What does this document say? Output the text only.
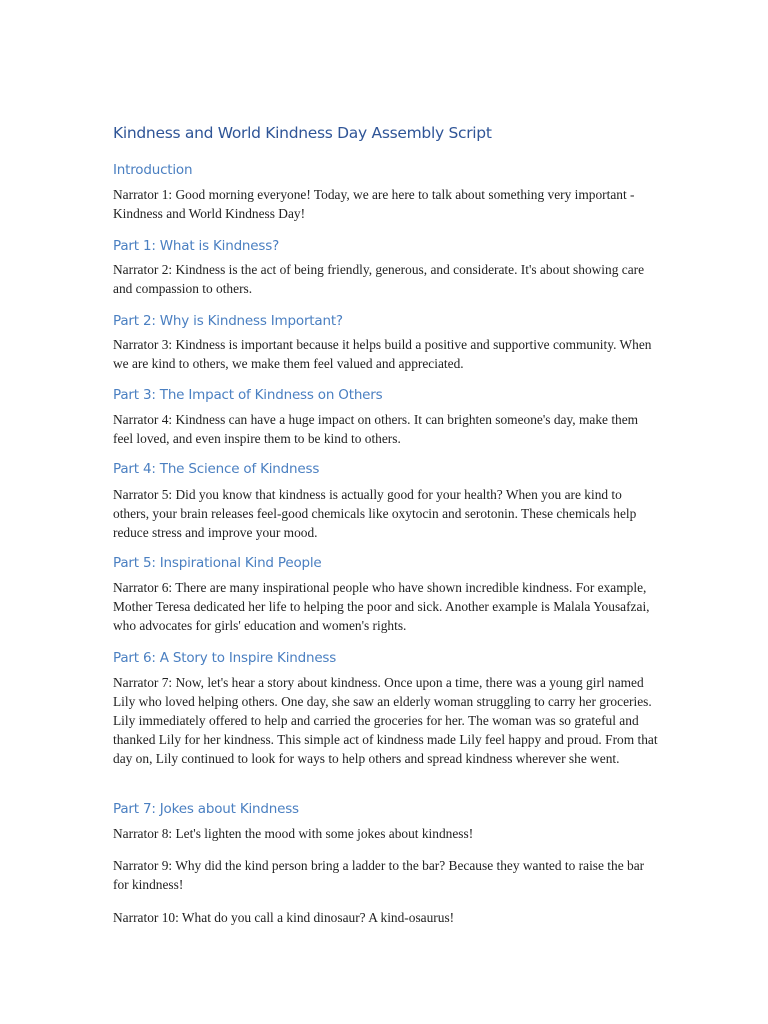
Kindness and World Kindness Day Assembly Script
Introduction

Narrator 1: Good morning everyone! Today, we are here to talk about something very important - Kindness and World Kindness Day!

Part 1: What is Kindness?

Narrator 2: Kindness is the act of being friendly, generous, and considerate. It's about showing care and compassion to others.

Part 2: Why is Kindness Important?

Narrator 3: Kindness is important because it helps build a positive and supportive community. When we are kind to others, we make them feel valued and appreciated.

Part 3: The Impact of Kindness on Others

Narrator 4: Kindness can have a huge impact on others. It can brighten someone's day, make them feel loved, and even inspire them to be kind to others.

Part 4: The Science of Kindness

Narrator 5: Did you know that kindness is actually good for your health? When you are kind to others, your brain releases feel-good chemicals like oxytocin and serotonin. These chemicals help reduce stress and improve your mood.

Part 5: Inspirational Kind People

Narrator 6: There are many inspirational people who have shown incredible kindness. For example, Mother Teresa dedicated her life to helping the poor and sick. Another example is Malala Yousafzai, who advocates for girls' education and women's rights.

Part 6: A Story to Inspire Kindness

Narrator 7: Now, let's hear a story about kindness. Once upon a time, there was a young girl named Lily who loved helping others. One day, she saw an elderly woman struggling to carry her groceries. Lily immediately offered to help and carried the groceries for her. The woman was so grateful and thanked Lily for her kindness. This simple act of kindness made Lily feel happy and proud. From that day on, Lily continued to look for ways to help others and spread kindness wherever she went.

Part 7: Jokes about Kindness

Narrator 8: Let's lighten the mood with some jokes about kindness!

Narrator 9: Why did the kind person bring a ladder to the bar? Because they wanted to raise the bar for kindness!

Narrator 10: What do you call a kind dinosaur? A kind-osaurus!
